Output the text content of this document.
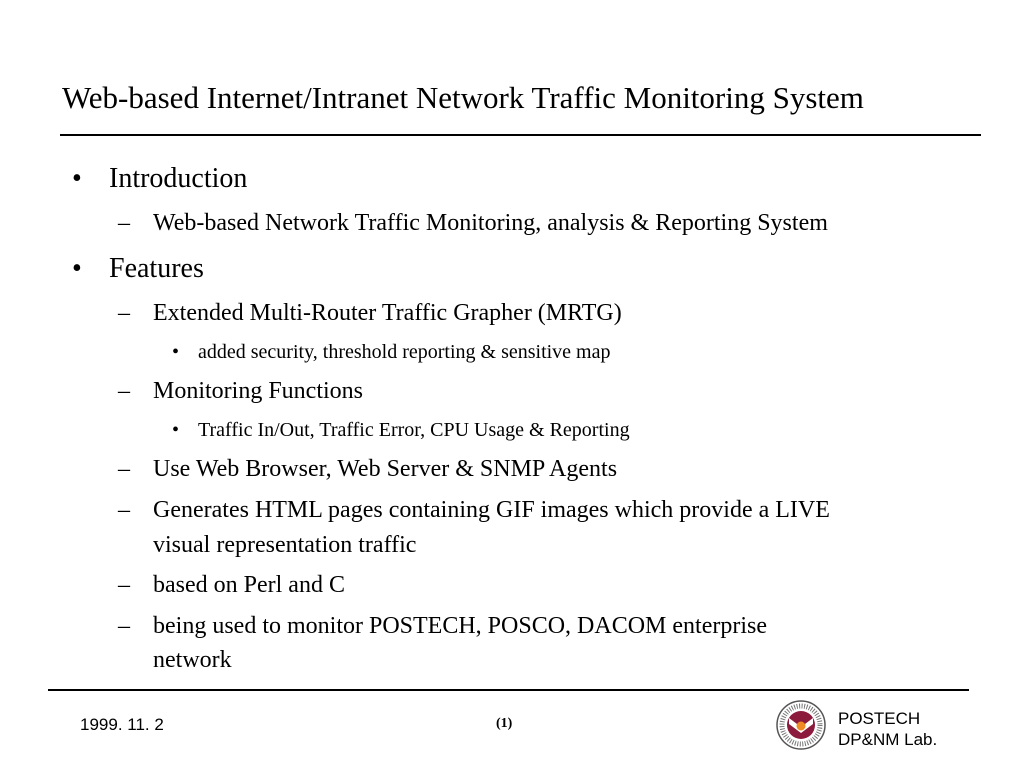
Web-based Internet/Intranet Network Traffic Monitoring System
• Introduction
– Web-based Network Traffic Monitoring, analysis & Reporting System
• Features
– Extended Multi-Router Traffic Grapher (MRTG)
• added security, threshold reporting & sensitive map
– Monitoring Functions
• Traffic In/Out, Traffic Error, CPU Usage & Reporting
– Use Web Browser, Web Server & SNMP Agents
– Generates HTML pages containing GIF images which provide a LIVE
visual representation traffic
– based on Perl and C
– being used to monitor POSTECH, POSCO, DACOM enterprise
network
1999. 11. 2	(1)	POSTECH
DP&NM Lab.
